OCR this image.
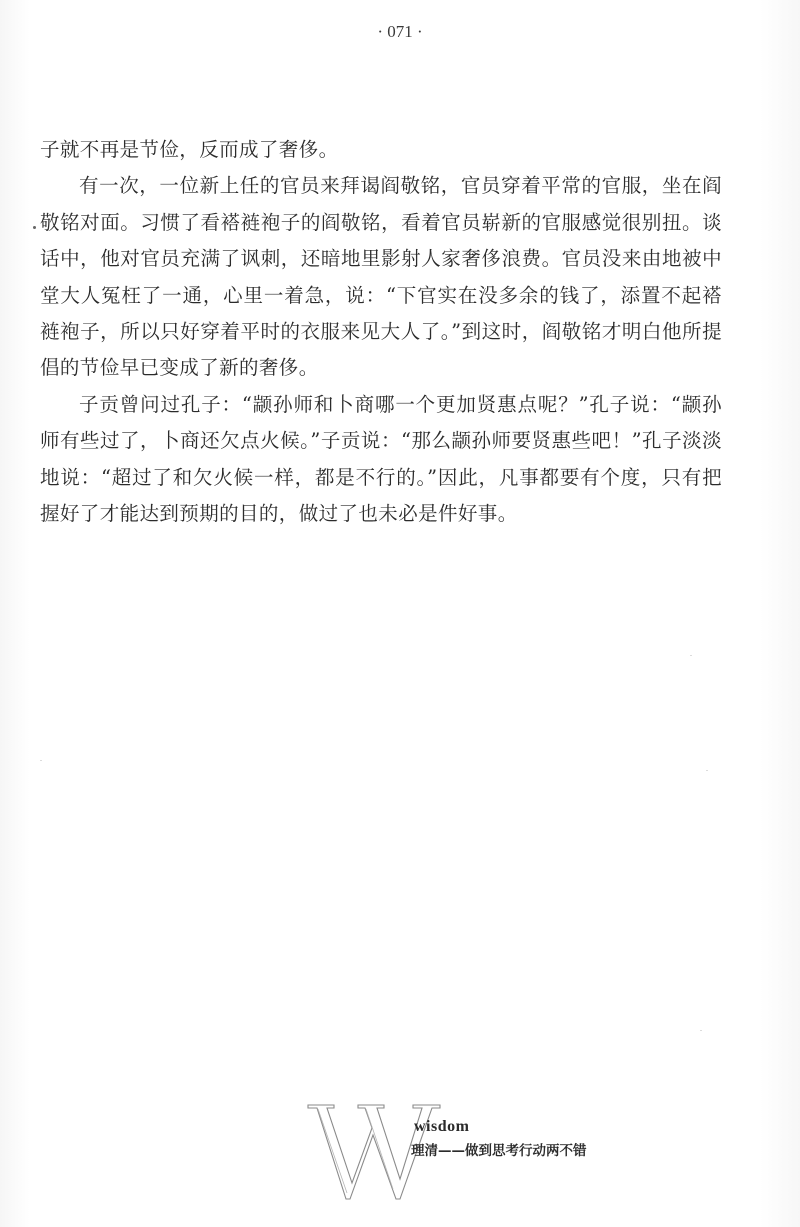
· 071 ·

子就不再是节俭，反而成了奢侈。

有一次，一位新上任的官员来拜谒阎敬铭，官员穿着平常的官服，坐在阎敬铭对面。习惯了看褡裢袍子的阎敬铭，看着官员崭新的官服感觉很别扭。谈话中，他对官员充满了讽刺，还暗地里影射人家奢侈浪费。官员没来由地被中堂大人冤枉了一通，心里一着急，说：“下官实在没多余的钱了，添置不起褡裢袍子，所以只好穿着平时的衣服来见大人了。”到这时，阎敬铭才明白他所提倡的节俭早已变成了新的奢侈。

子贡曾问过孔子：“颛孙师和卜商哪一个更加贤惠点呢？”孔子说：“颛孙师有些过了，卜商还欠点火候。”子贡说：“那么颛孙师要贤惠些吧！”孔子淡淡地说：“超过了和欠火候一样，都是不行的。”因此，凡事都要有个度，只有把握好了才能达到预期的目的，做过了也未必是件好事。

wisdom
理清——做到思考行动两不错
